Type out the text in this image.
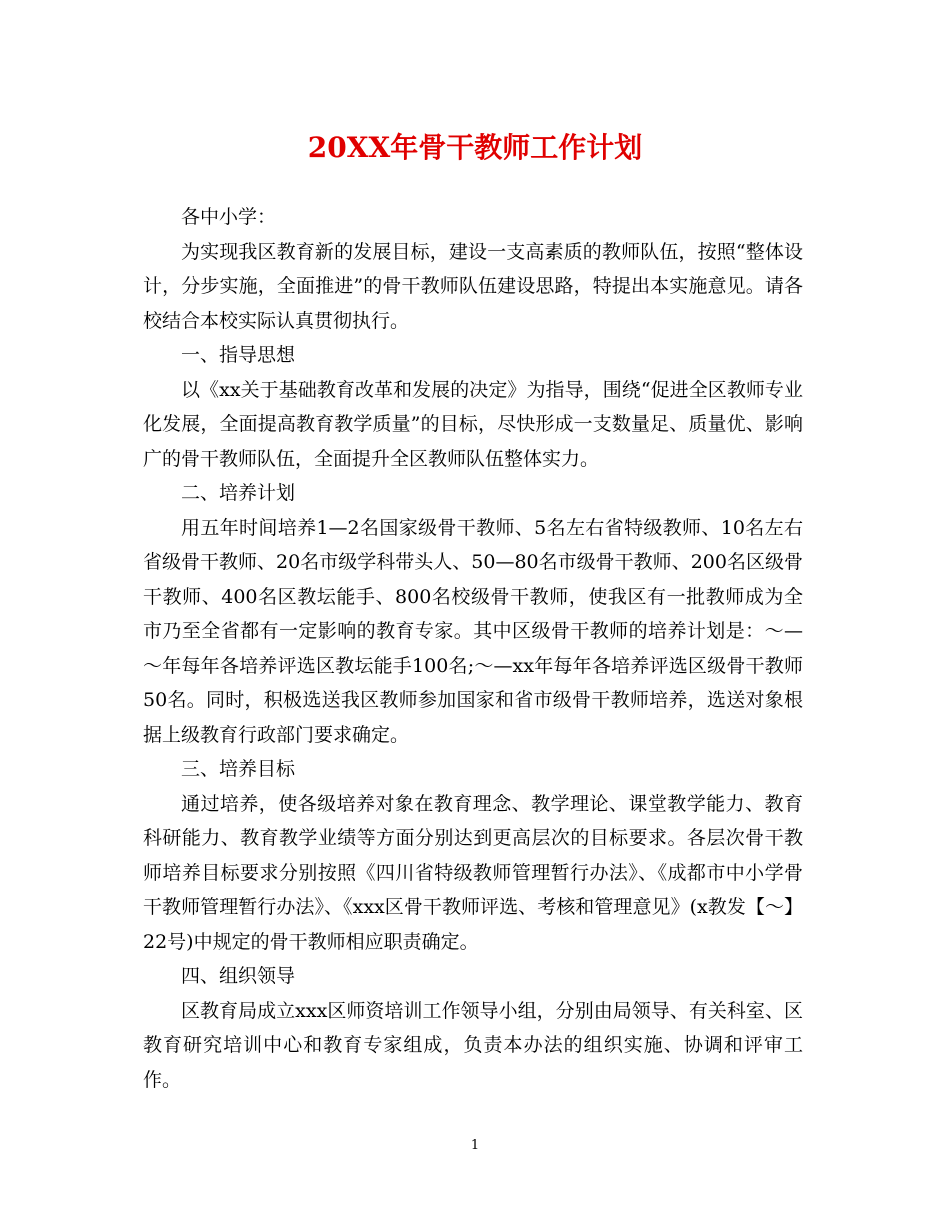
20XX年骨干教师工作计划

各中小学：

为实现我区教育新的发展目标，建设一支高素质的教师队伍，按照“整体设计，分步实施，全面推进”的骨干教师队伍建设思路，特提出本实施意见。请各校结合本校实际认真贯彻执行。

一、指导思想

以《xx关于基础教育改革和发展的决定》为指导，围绕“促进全区教师专业化发展，全面提高教育教学质量”的目标，尽快形成一支数量足、质量优、影响广的骨干教师队伍，全面提升全区教师队伍整体实力。

二、培养计划

用五年时间培养1—2名国家级骨干教师、5名左右省特级教师、10名左右省级骨干教师、20名市级学科带头人、50—80名市级骨干教师、200名区级骨干教师、400名区教坛能手、800名校级骨干教师，使我区有一批教师成为全市乃至全省都有一定影响的教育专家。其中区级骨干教师的培养计划是：～—～年每年各培养评选区教坛能手100名;～—xx年每年各培养评选区级骨干教师50名。同时，积极选送我区教师参加国家和省市级骨干教师培养，选送对象根据上级教育行政部门要求确定。

三、培养目标

通过培养，使各级培养对象在教育理念、教学理论、课堂教学能力、教育科研能力、教育教学业绩等方面分别达到更高层次的目标要求。各层次骨干教师培养目标要求分别按照《四川省特级教师管理暂行办法》、《成都市中小学骨干教师管理暂行办法》、《xxx区骨干教师评选、考核和管理意见》(x教发【～】22号)中规定的骨干教师相应职责确定。

四、组织领导

区教育局成立xxx区师资培训工作领导小组，分别由局领导、有关科室、区教育研究培训中心和教育专家组成，负责本办法的组织实施、协调和评审工作。

1
